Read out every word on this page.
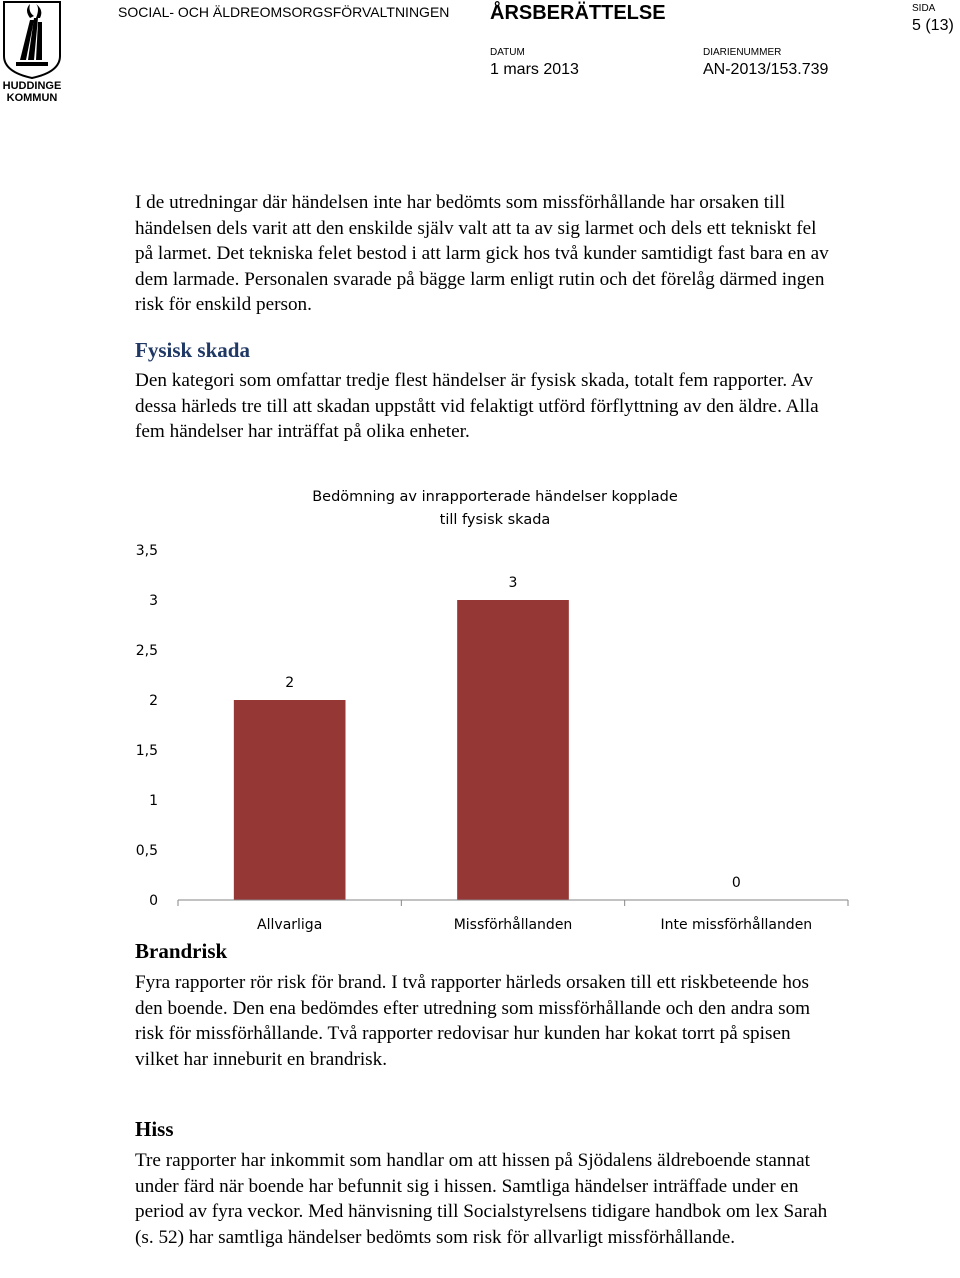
HUDDINGE KOMMUN
SOCIAL- OCH ÄLDREOMSORGSFÖRVALTNINGEN ÅRSBERÄTTELSE	SIDA
5 (13)
DATUM
1 mars 2013
DIARIENUMMER
AN-2013/153.739

I de utredningar där händelsen inte har bedömts som missförhållande har orsaken till händelsen dels varit att den enskilde själv valt att ta av sig larmet och dels ett tekniskt fel på larmet. Det tekniska felet bestod i att larm gick hos två kunder samtidigt fast bara en av dem larmade. Personalen svarade på bägge larm enligt rutin och det förelåg därmed ingen risk för enskild person.

Fysisk skada

Den kategori som omfattar tredje flest händelser är fysisk skada, totalt fem rapporter. Av dessa härleds tre till att skadan uppstått vid felaktigt utförd förflyttning av den äldre. Alla fem händelser har inträffat på olika enheter.

Bedömning av inrapporterade händelser kopplade
till fysisk skada
0
0,5
1
1,5
2
2,5
3
3,5
2
3
0
Allvarliga	Missförhållanden	Inte missförhållanden
Brandrisk

Fyra rapporter rör risk för brand. I två rapporter härleds orsaken till ett riskbeteende hos den boende. Den ena bedömdes efter utredning som missförhållande och den andra som risk för missförhållande. Två rapporter redovisar hur kunden har kokat torrt på spisen vilket har inneburit en brandrisk.

Hiss

Tre rapporter har inkommit som handlar om att hissen på Sjödalens äldreboende stannat under färd när boende har befunnit sig i hissen. Samtliga händelser inträffade under en period av fyra veckor. Med hänvisning till Socialstyrelsens tidigare handbok om lex Sarah (s. 52) har samtliga händelser bedömts som risk för allvarligt missförhållande.
